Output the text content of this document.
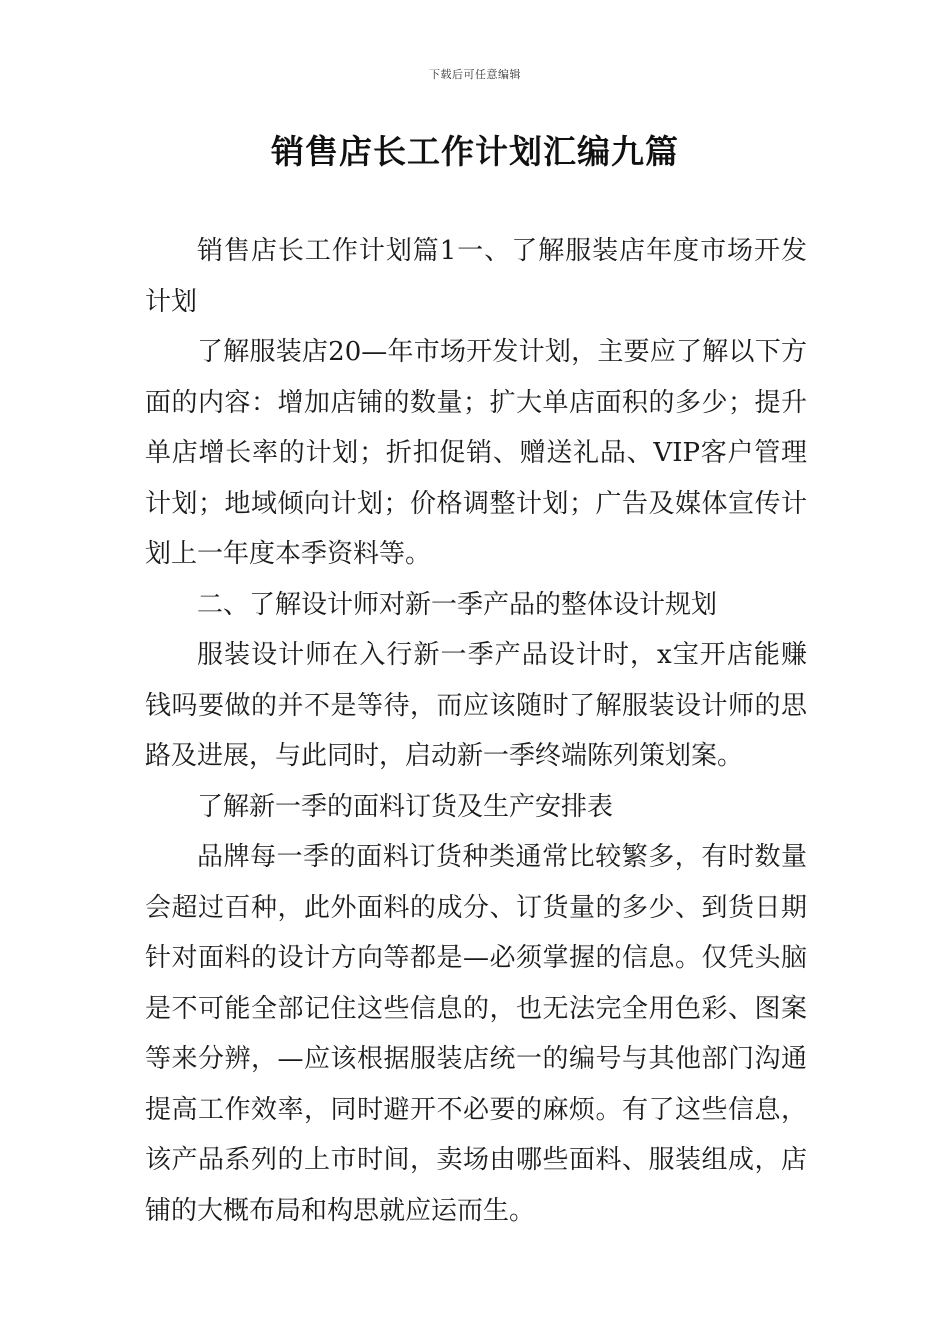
下载后可任意编辑
销售店长工作计划汇编九篇

销售店长工作计划篇1一、了解服装店年度市场开发计划

了解服装店20—年市场开发计划，主要应了解以下方面的内容：增加店铺的数量；扩大单店面积的多少；提升单店增长率的计划；折扣促销、赠送礼品、VIP客户管理计划；地域倾向计划；价格调整计划；广告及媒体宣传计划上一年度本季资料等。

二、了解设计师对新一季产品的整体设计规划

服装设计师在入行新一季产品设计时，x宝开店能赚钱吗要做的并不是等待，而应该随时了解服装设计师的思路及进展，与此同时，启动新一季终端陈列策划案。

了解新一季的面料订货及生产安排表

品牌每一季的面料订货种类通常比较繁多，有时数量会超过百种，此外面料的成分、订货量的多少、到货日期针对面料的设计方向等都是—必须掌握的信息。仅凭头脑是不可能全部记住这些信息的，也无法完全用色彩、图案等来分辨，—应该根据服装店统一的编号与其他部门沟通提高工作效率，同时避开不必要的麻烦。有了这些信息，该产品系列的上市时间，卖场由哪些面料、服装组成，店铺的大概布局和构思就应运而生。
